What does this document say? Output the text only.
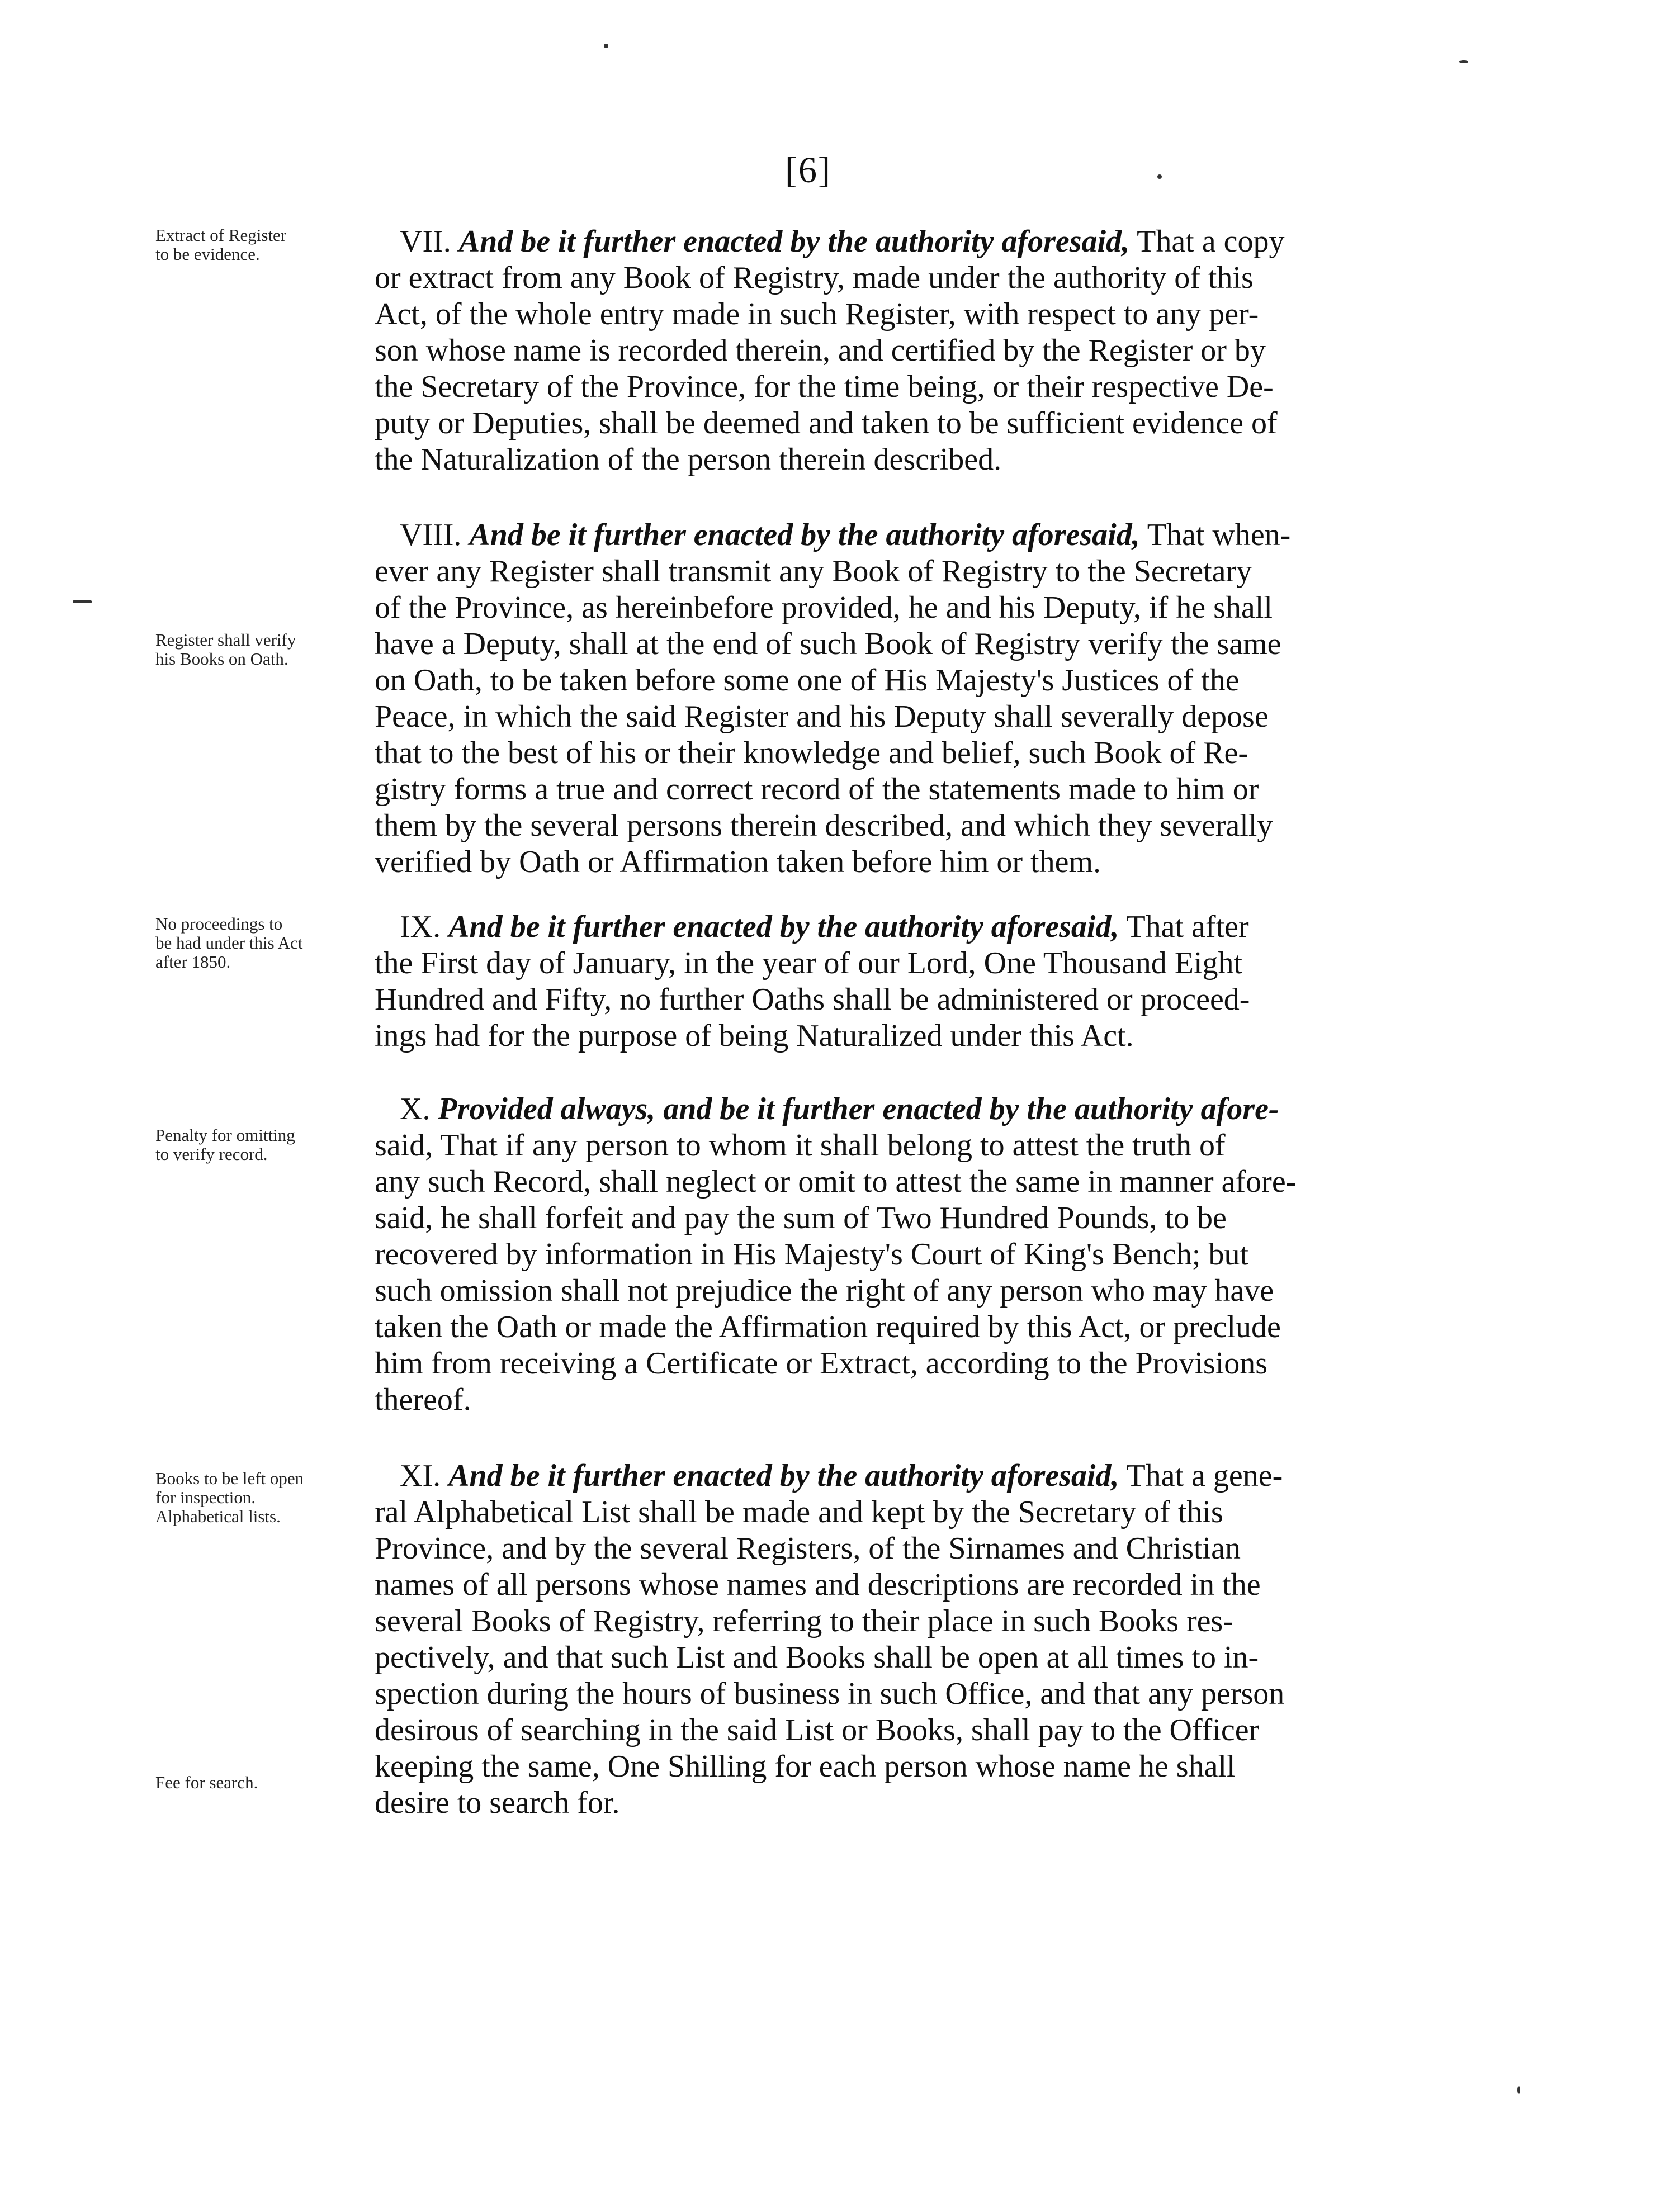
[6]
Extract of Register
to be evidence.
Register shall verify
his Books on Oath.
No proceedings to
be had under this Act
after 1850.
Penalty for omitting
to verify record.
Books to be left open
for inspection.
Alphabetical lists.
Fee for search.
VII. And be it further enacted by the authority aforesaid, That a copy
or extract from any Book of Registry, made under the authority of this
Act, of the whole entry made in such Register, with respect to any per-
son whose name is recorded therein, and certified by the Register or by
the Secretary of the Province, for the time being, or their respective De-
puty or Deputies, shall be deemed and taken to be sufficient evidence of
the Naturalization of the person therein described.
VIII. And be it further enacted by the authority aforesaid, That when-
ever any Register shall transmit any Book of Registry to the Secretary
of the Province, as hereinbefore provided, he and his Deputy, if he shall
have a Deputy, shall at the end of such Book of Registry verify the same
on Oath, to be taken before some one of His Majesty's Justices of the
Peace, in which the said Register and his Deputy shall severally depose
that to the best of his or their knowledge and belief, such Book of Re-
gistry forms a true and correct record of the statements made to him or
them by the several persons therein described, and which they severally
verified by Oath or Affirmation taken before him or them.
IX. And be it further enacted by the authority aforesaid, That after
the First day of January, in the year of our Lord, One Thousand Eight
Hundred and Fifty, no further Oaths shall be administered or proceed-
ings had for the purpose of being Naturalized under this Act.
X. Provided always, and be it further enacted by the authority afore-
said, That if any person to whom it shall belong to attest the truth of
any such Record, shall neglect or omit to attest the same in manner afore-
said, he shall forfeit and pay the sum of Two Hundred Pounds, to be
recovered by information in His Majesty's Court of King's Bench; but
such omission shall not prejudice the right of any person who may have
taken the Oath or made the Affirmation required by this Act, or preclude
him from receiving a Certificate or Extract, according to the Provisions
thereof.
XI. And be it further enacted by the authority aforesaid, That a gene-
ral Alphabetical List shall be made and kept by the Secretary of this
Province, and by the several Registers, of the Sirnames and Christian
names of all persons whose names and descriptions are recorded in the
several Books of Registry, referring to their place in such Books res-
pectively, and that such List and Books shall be open at all times to in-
spection during the hours of business in such Office, and that any person
desirous of searching in the said List or Books, shall pay to the Officer
keeping the same, One Shilling for each person whose name he shall
desire to search for.
